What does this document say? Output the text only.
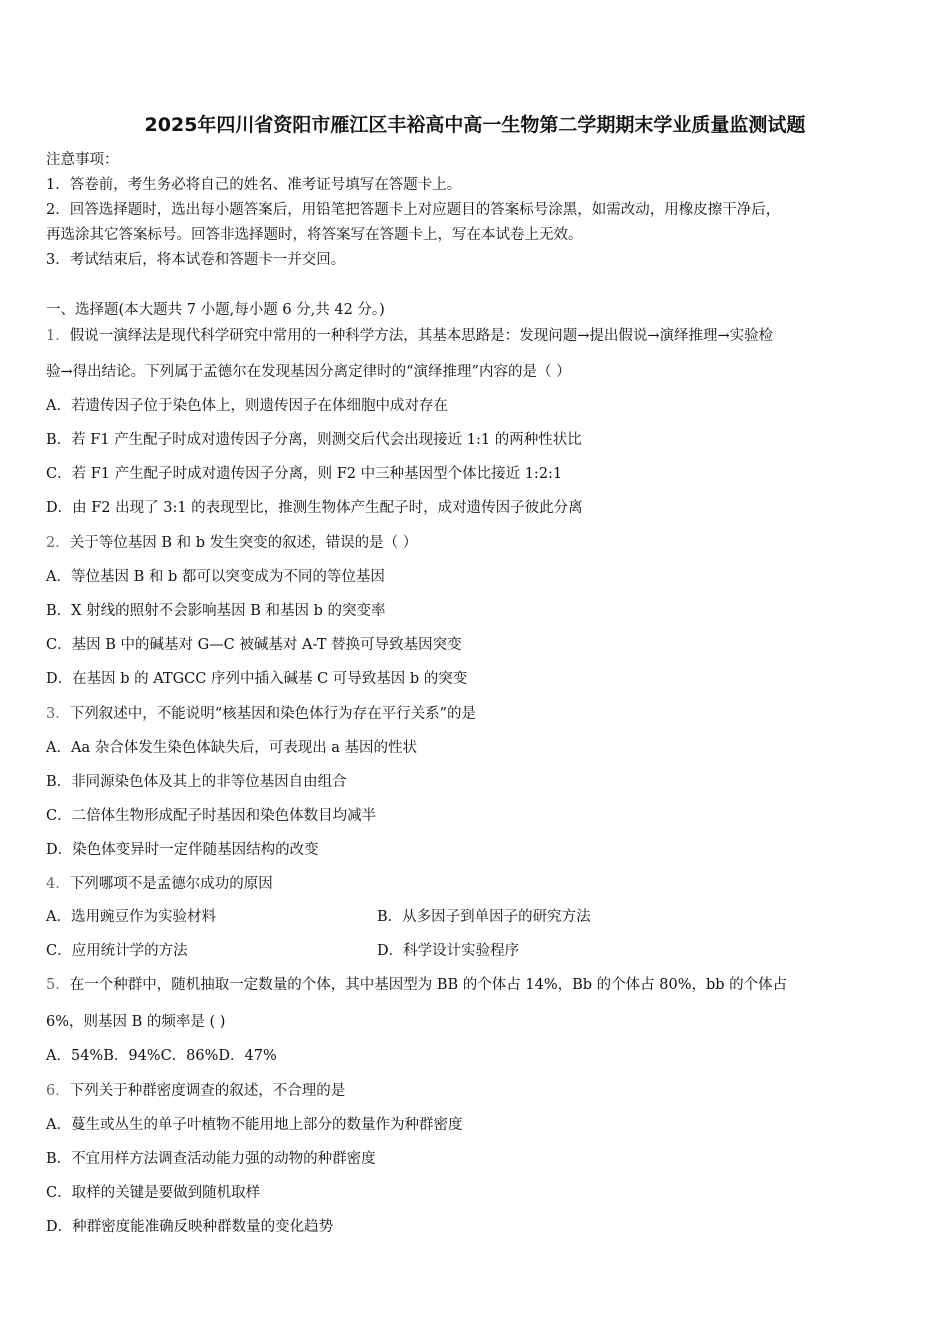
2025年四川省资阳市雁江区丰裕高中高一生物第二学期期末学业质量监测试题
注意事项：
1．答卷前，考生务必将自己的姓名、准考证号填写在答题卡上。
2．回答选择题时，选出每小题答案后，用铅笔把答题卡上对应题目的答案标号涂黑，如需改动，用橡皮擦干净后，
再选涂其它答案标号。回答非选择题时，将答案写在答题卡上，写在本试卷上无效。
3．考试结束后，将本试卷和答题卡一并交回。
一、选择题(本大题共 7 小题,每小题 6 分,共 42 分。)
1．假说一演绎法是现代科学研究中常用的一种科学方法，其基本思路是：发现问题→提出假说→演绎推理→实验检
验→得出结论。下列属于孟德尔在发现基因分离定律时的“演绎推理”内容的是（ ）
A．若遗传因子位于染色体上，则遗传因子在体细胞中成对存在
B．若 F1 产生配子时成对遗传因子分离，则测交后代会出现接近 1:1 的两种性状比
C．若 F1 产生配子时成对遗传因子分离，则 F2 中三种基因型个体比接近 1:2:1
D．由 F2 出现了 3:1 的表现型比，推测生物体产生配子时，成对遗传因子彼此分离
2．关于等位基因 B 和 b 发生突变的叙述，错误的是（ ）
A．等位基因 B 和 b 都可以突变成为不同的等位基因
B．X 射线的照射不会影响基因 B 和基因 b 的突变率
C．基因 B 中的碱基对 G—C 被碱基对 A-T 替换可导致基因突变
D．在基因 b 的 ATGCC 序列中插入碱基 C 可导致基因 b 的突变
3．下列叙述中，不能说明“核基因和染色体行为存在平行关系”的是
A．Aa 杂合体发生染色体缺失后，可表现出 a 基因的性状
B．非同源染色体及其上的非等位基因自由组合
C．二倍体生物形成配子时基因和染色体数目均减半
D．染色体变异时一定伴随基因结构的改变
4．下列哪项不是孟德尔成功的原因
A．选用豌豆作为实验材料	B．从多因子到单因子的研究方法
C．应用统计学的方法	D．科学设计实验程序
5．在一个种群中，随机抽取一定数量的个体，其中基因型为 BB 的个体占 14%，Bb 的个体占 80%，bb 的个体占
6%，则基因 B 的频率是 ( )
A．54%B．94%C．86%D．47%
6．下列关于种群密度调查的叙述，不合理的是
A．蔓生或丛生的单子叶植物不能用地上部分的数量作为种群密度
B．不宜用样方法调查活动能力强的动物的种群密度
C．取样的关键是要做到随机取样
D．种群密度能准确反映种群数量的变化趋势
